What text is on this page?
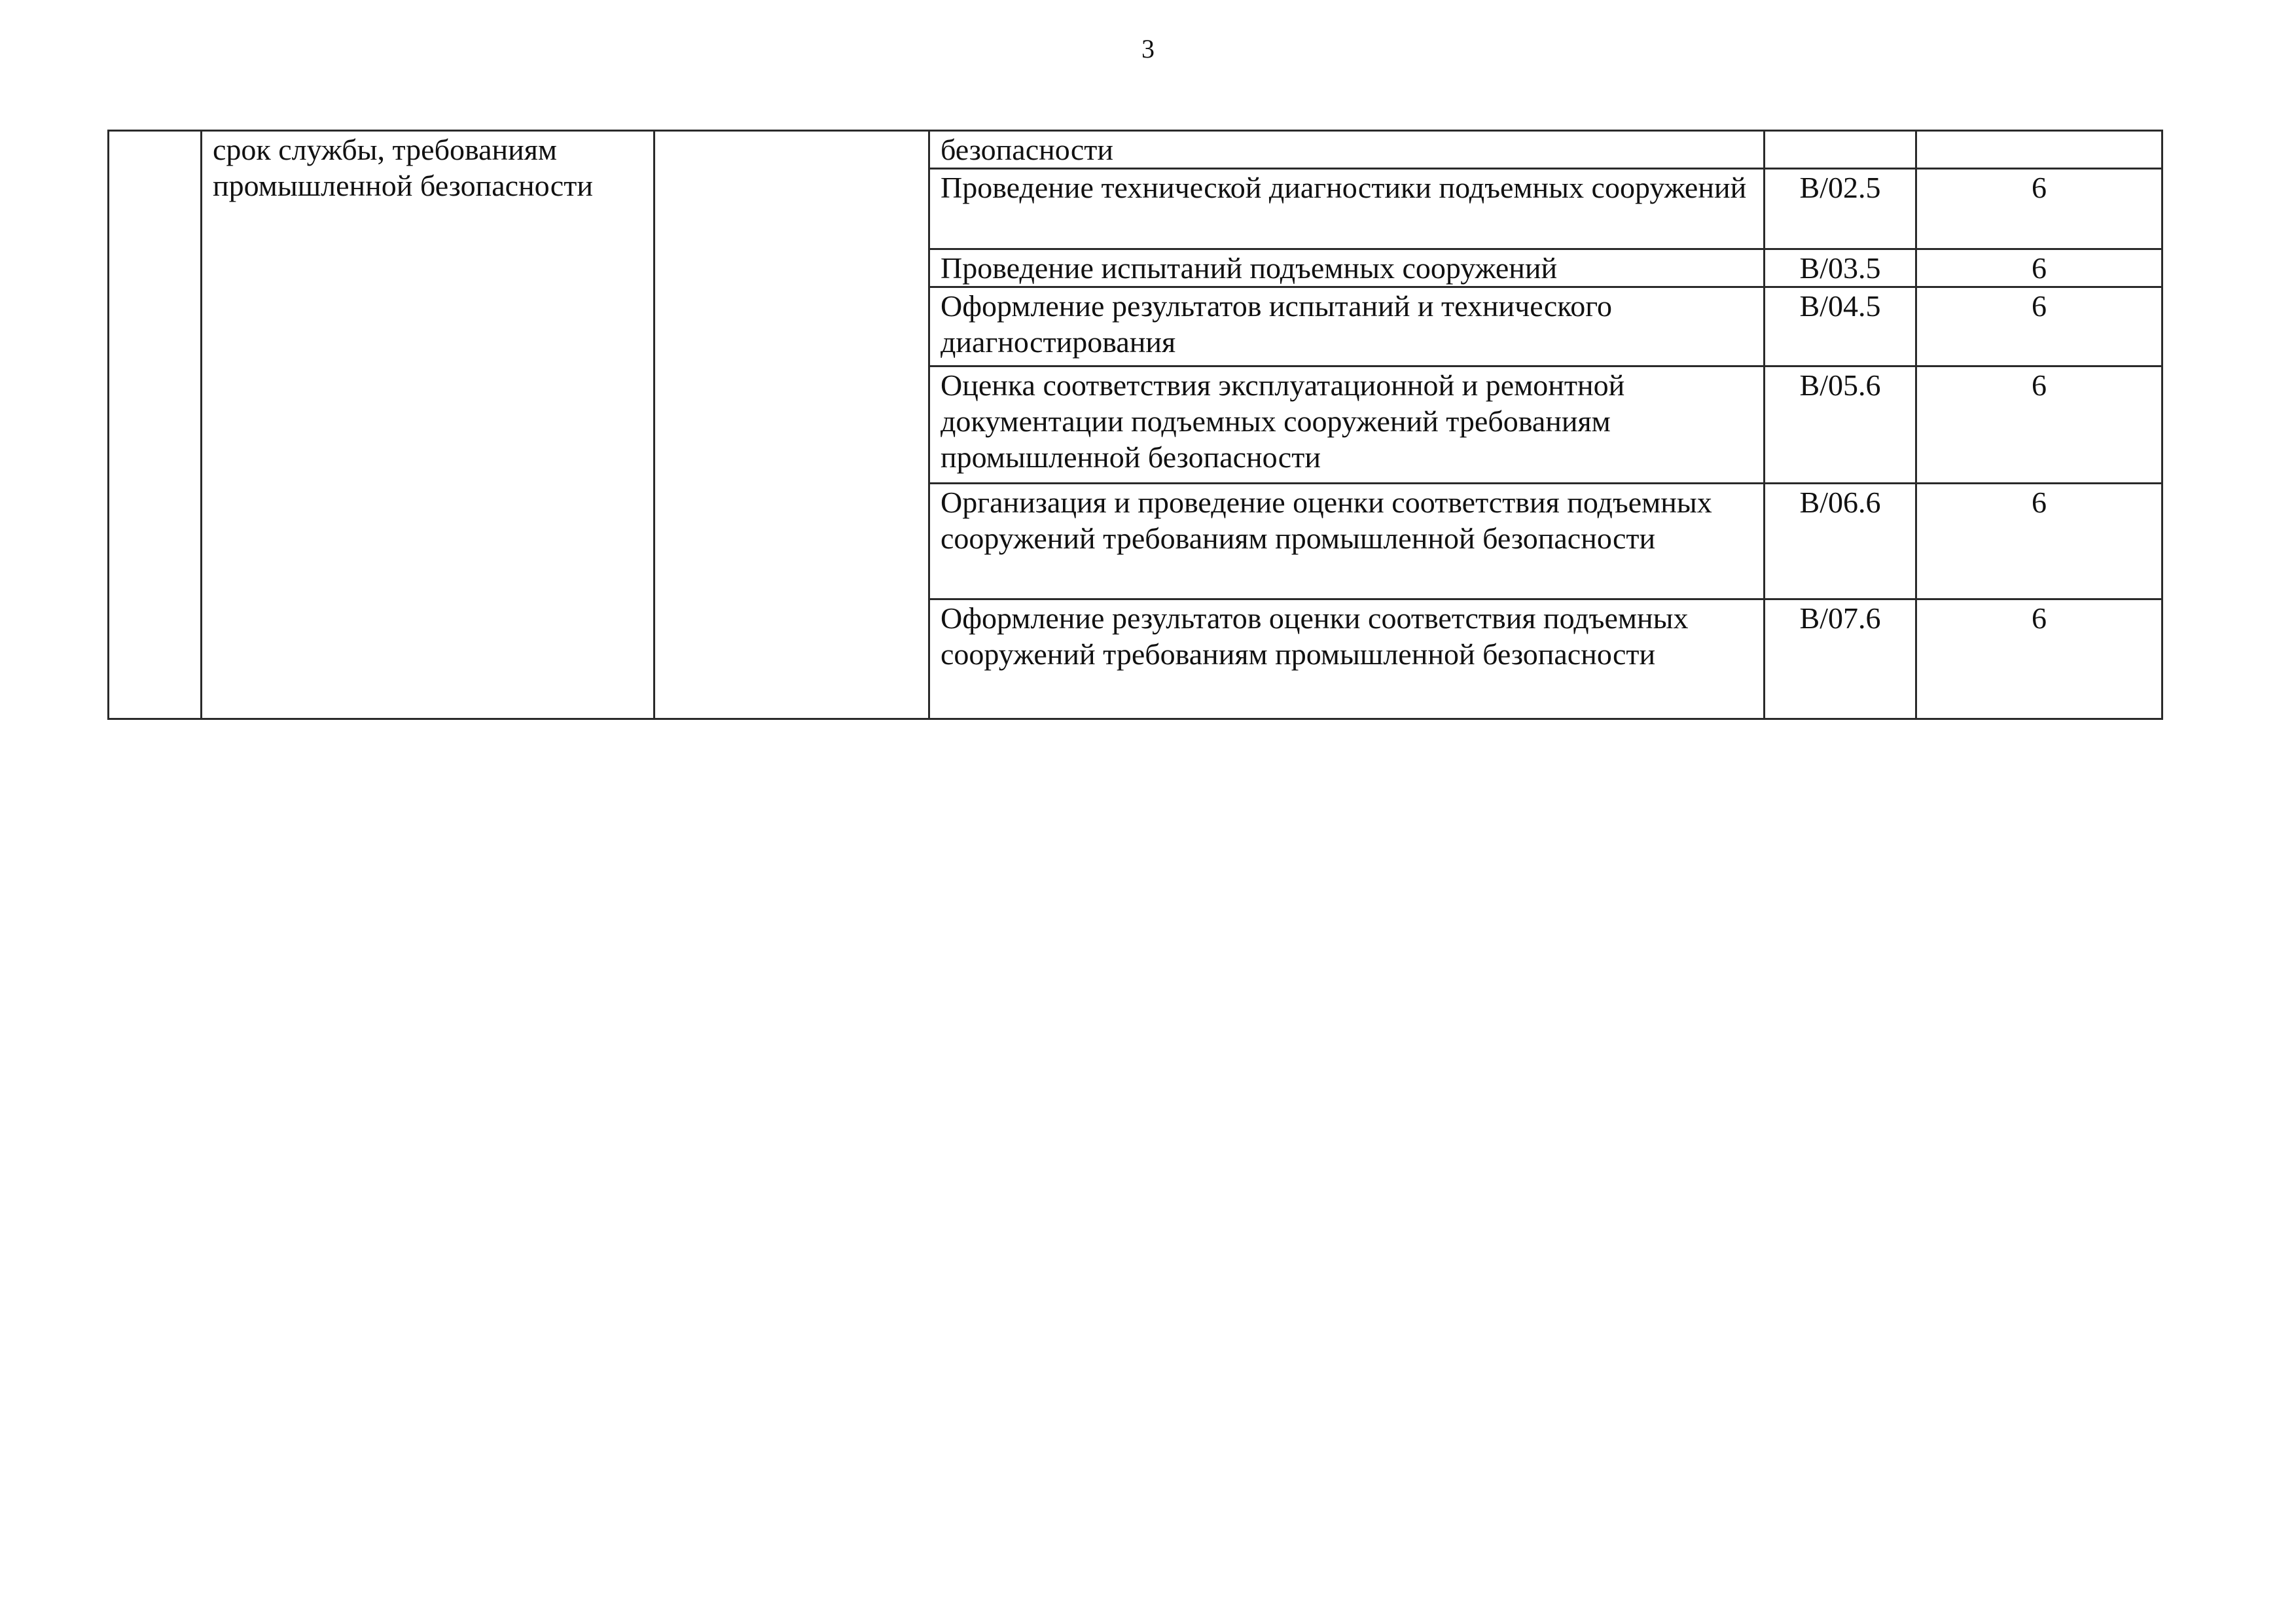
3
	срок службы, требованиям промышленной безопасности		безопасности		
			Проведение технической диагностики подъемных сооружений	В/02.5	6
			Проведение испытаний подъемных сооружений	В/03.5	6
			Оформление результатов испытаний и технического диагностирования	В/04.5	6
			Оценка соответствия эксплуатационной и ремонтной документации подъемных сооружений требованиям промышленной безопасности	В/05.6	6
			Организация и проведение оценки соответствия подъемных сооружений требованиям промышленной безопасности	В/06.6	6
			Оформление результатов оценки соответствия подъемных сооружений требованиям промышленной безопасности	В/07.6	6
